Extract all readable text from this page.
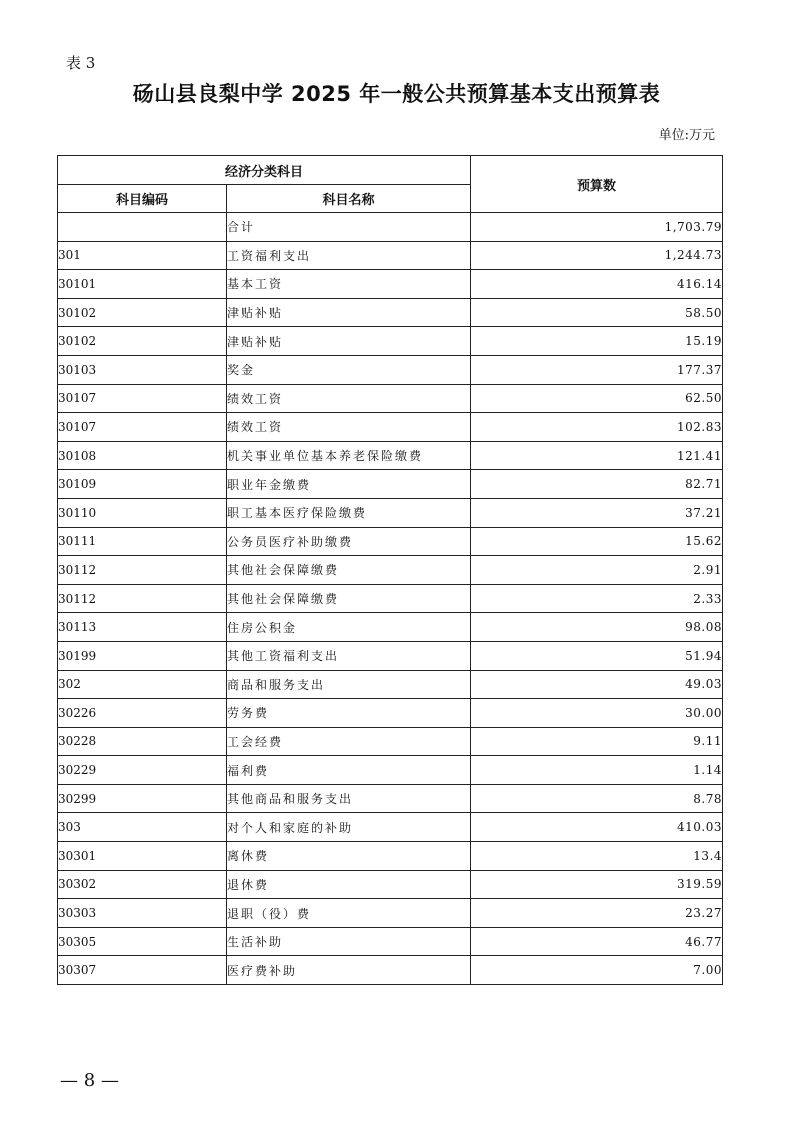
表 3
砀山县良梨中学 2025 年一般公共预算基本支出预算表
单位:万元
经济分类科目		预算数
科目编码	科目名称	
	合计	1,703.79
301	工资福利支出	1,244.73
30101	基本工资	416.14
30102	津贴补贴	58.50
30102	津贴补贴	15.19
30103	奖金	177.37
30107	绩效工资	62.50
30107	绩效工资	102.83
30108	机关事业单位基本养老保险缴费	121.41
30109	职业年金缴费	82.71
30110	职工基本医疗保险缴费	37.21
30111	公务员医疗补助缴费	15.62
30112	其他社会保障缴费	2.91
30112	其他社会保障缴费	2.33
30113	住房公积金	98.08
30199	其他工资福利支出	51.94
302	商品和服务支出	49.03
30226	劳务费	30.00
30228	工会经费	9.11
30229	福利费	1.14
30299	其他商品和服务支出	8.78
303	对个人和家庭的补助	410.03
30301	离休费	13.4
30302	退休费	319.59
30303	退职（役）费	23.27
30305	生活补助	46.77
30307	医疗费补助	7.00
— 8 —
